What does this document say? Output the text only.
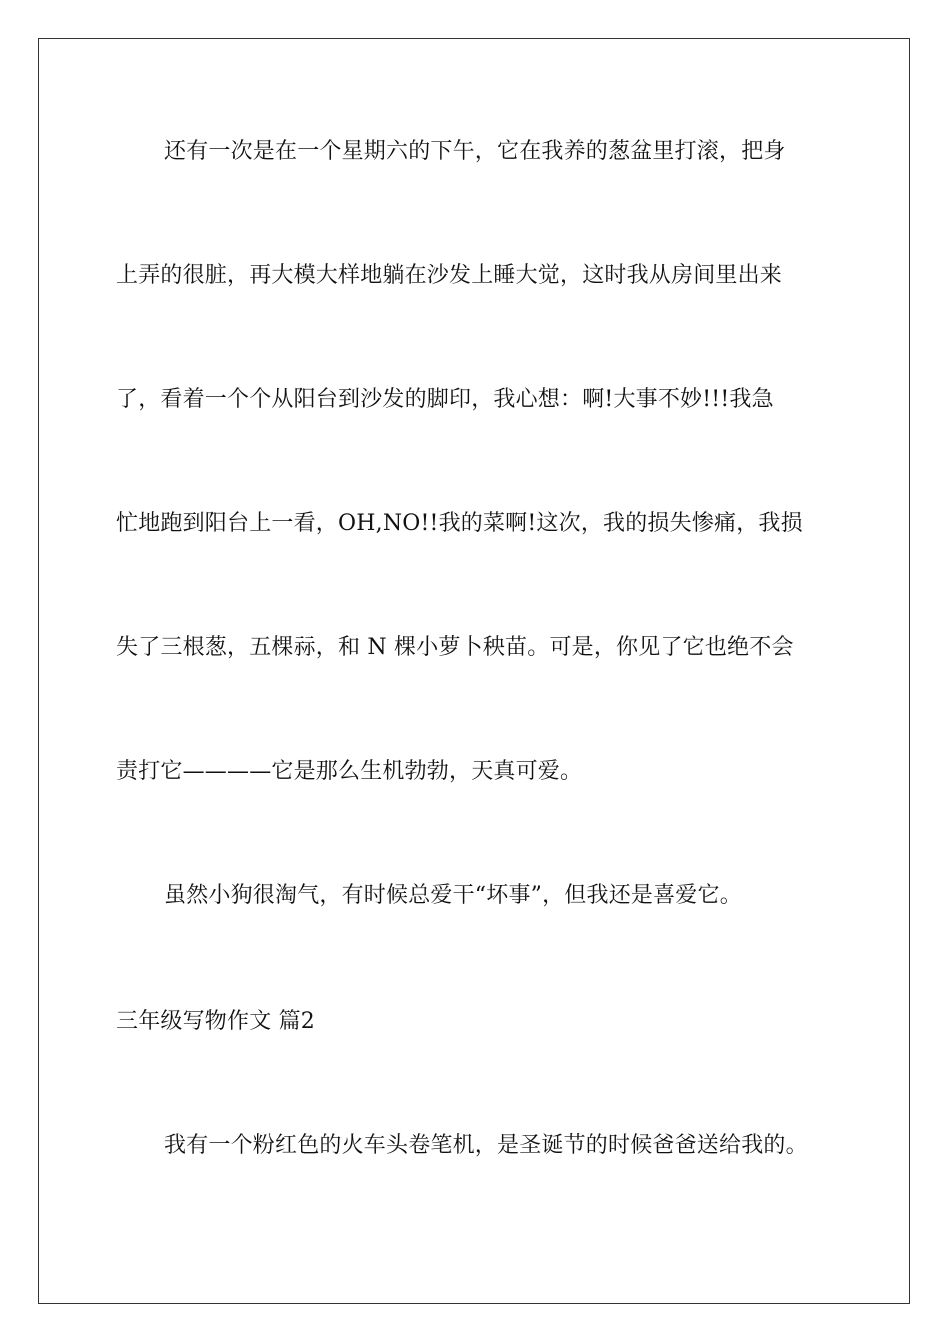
还有一次是在一个星期六的下午，它在我养的葱盆里打滚，把身
上弄的很脏，再大模大样地躺在沙发上睡大觉，这时我从房间里出来
了，看着一个个从阳台到沙发的脚印，我心想：啊!大事不妙!!!我急
忙地跑到阳台上一看，OH,NO!!我的菜啊!这次，我的损失惨痛，我损
失了三根葱，五棵祘，和 N 棵小萝卜秧苗。可是，你见了它也绝不会
责打它————它是那么生机勃勃，天真可爱。
虽然小狗很淘气，有时候总爱干“坏事”，但我还是喜爱它。
三年级写物作文 篇2
我有一个粉红色的火车头卷笔机，是圣诞节的时候爸爸送给我的。
